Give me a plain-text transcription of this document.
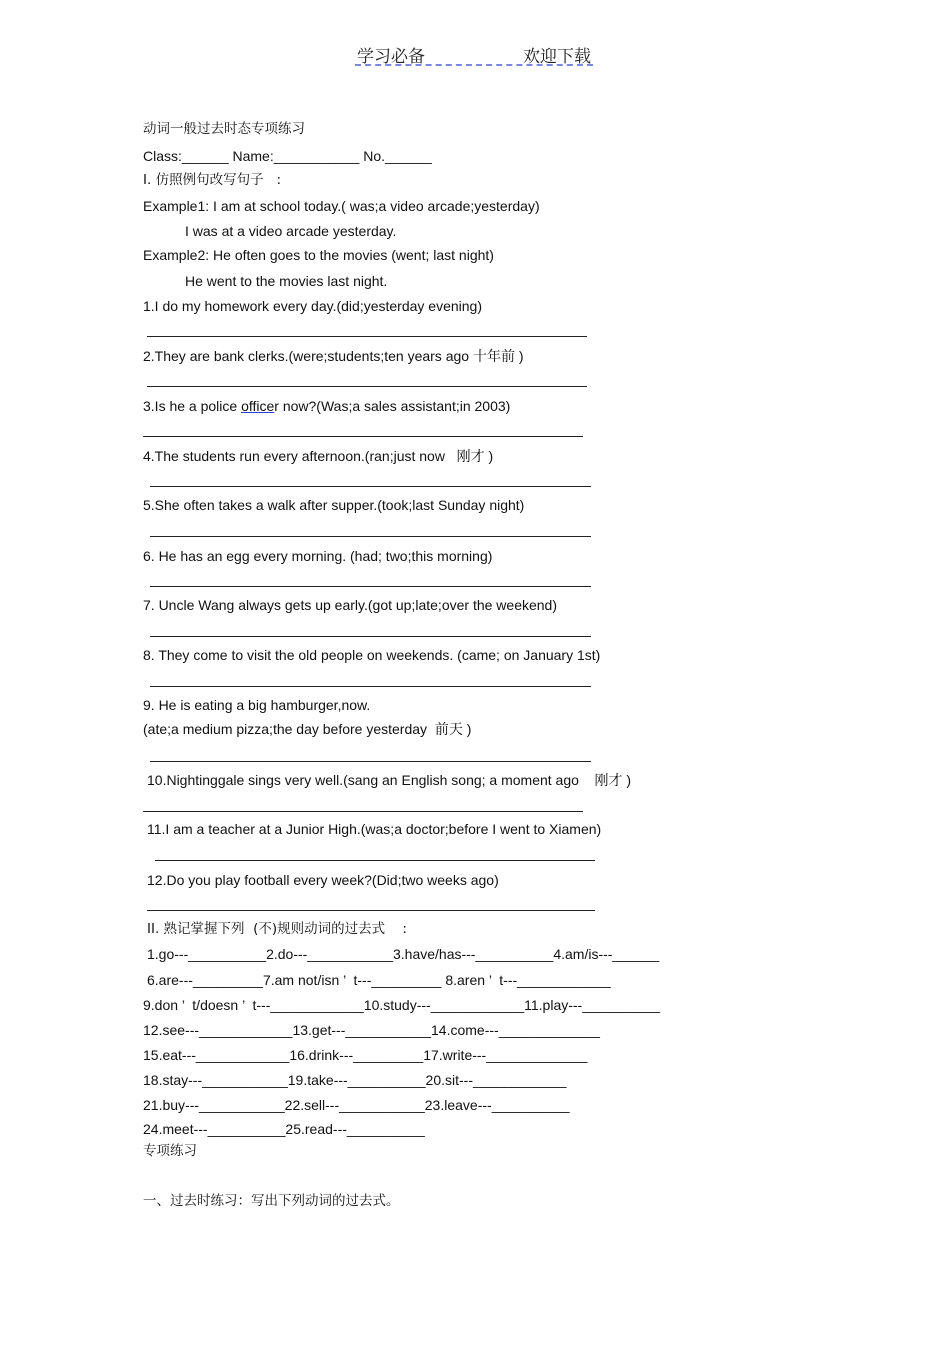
学习必备	欢迎下载
动词一般过去时态专项练习
Class:______ Name:___________ No.______
I. 仿照例句改写句子   :
Example1: I am at school today.( was;a video arcade;yesterday)
I was at a video arcade yesterday.
Example2: He often goes to the movies (went; last night)
He went to the movies last night.
1.I do my homework every day.(did;yesterday evening)
2.They are bank clerks.(were;students;ten years ago 十年前 )
3.Is he a police officer now?(Was;a sales assistant;in 2003)
4.The students run every afternoon.(ran;just now   刚才 )
5.She often takes a walk after supper.(took;last Sunday night)
6. He has an egg every morning. (had; two;this morning)
7. Uncle Wang always gets up early.(got up;late;over the weekend)
8. They come to visit the old people on weekends. (came; on January 1st)
9. He is eating a big hamburger,now.
(ate;a medium pizza;the day before yesterday  前天 )
10.Nightinggale sings very well.(sang an English song; a moment ago    刚才 )
11.I am a teacher at a Junior High.(was;a doctor;before I went to Xiamen)
12.Do you play football every week?(Did;two weeks ago)
II. 熟记掌握下列  (不)规则动词的过去式    :
1.go---__________2.do---___________3.have/has---__________4.am/is---______
6.are---_________7.am not/isn ’  t---_________ 8.aren ’  t---____________
9.don ’  t/doesn ’  t---____________10.study---____________11.play---__________
12.see---____________13.get---___________14.come---_____________
15.eat---____________16.drink---_________17.write---_____________
18.stay---___________19.take---__________20.sit---____________
21.buy---___________22.sell---___________23.leave---__________
24.meet---__________25.read---__________
专项练习
一、过去时练习：写出下列动词的过去式。
